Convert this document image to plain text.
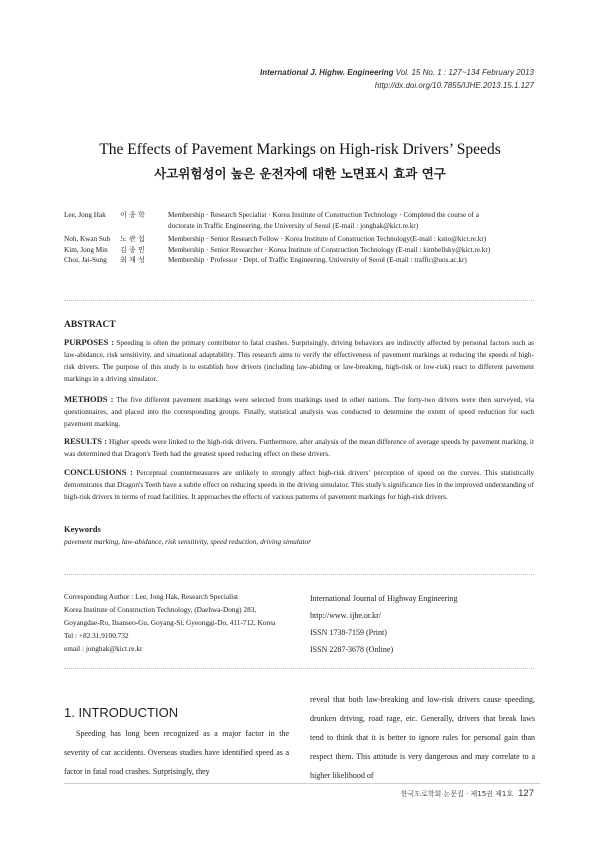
International J. Highw. Engineering Vol. 15 No. 1 : 127~134 February 2013
http://dx.doi.org/10.7855/IJHE.2013.15.1.127
The Effects of Pavement Markings on High-risk Drivers’ Speeds
사고위험성이 높은 운전자에 대한 노면표시 효과 연구
Lee, Jong Hak	이 종 학	Membership · Research Specialist · Korea Institute of Construction Technology · Completed the course of a doctorate in Traffic Engineering, the University of Seoul (E-mail : jonghak@kict.re.kr)
Noh, Kwan Sub	노 관 섭	Membership · Senior Research Fellow · Korea Institute of Construction Technology(E-mail : ksno@kict.re.kr)
Kim, Jong Min	김 종 민	Membership · Senior Researcher · Korea Institute of Construction Technology (E-mail : kimbellsky@kict.re.kr)
Choi, Jai-Sung	최 재 성	Membership · Professor · Dept. of Traffic Engineering, University of Seoul (E-mail : traffic@uos.ac.kr)
ABSTRACT
PURPOSES : Speeding is often the primary contributor to fatal crashes. Surprisingly, driving behaviors are indirectly affected by personal factors such as law-abidance, risk sensitivity, and situational adaptability. This research aims to verify the effectiveness of pavement markings at reducing the speeds of high-risk drivers. The purpose of this study is to establish how drivers (including law-abiding or law-breaking, high-risk or low-risk) react to different pavement markings in a driving simulator.
METHODS : The five different pavement markings were selected from markings used in other nations. The forty-two drivers were then surveyed, via questionnaires, and placed into the corresponding groups. Finally, statistical analysis was conducted to determine the extent of speed reduction for each pavement marking.
RESULTS : Higher speeds were linked to the high-risk drivers. Furthermore, after analysis of the mean difference of average speeds by pavement marking, it was determined that Dragon's Teeth had the greatest speed reducing effect on these drivers.
CONCLUSIONS : Perceptual countermeasures are unlikely to strongly affect high-risk drivers’ perception of speed on the curves. This statistically demonstrates that Dragon's Teeth have a subtle effect on reducing speeds in the driving simulator. This study's significance lies in the improved understanding of high-risk drivers in terms of road facilities. It approaches the effects of various patterns of pavement markings for high-risk drivers.
Keywords
pavement marking, law-abidance, risk sensitivity, speed reduction, driving simulator
Corresponding Author : Lee, Jong Hak, Research Specialist
Korea Institute of Construction Technology, (Daehwa-Dong) 283,
Goyangdae-Ro, Ilsanseo-Gu, Goyang-Si, Gyeonggi-Do, 411-712, Korea
Tel : +82.31.9100.732
email : jonghak@kict.re.kr
International Journal of Highway Engineering
http://www. ijhe.or.kr/
ISSN 1738-7159 (Print)
ISSN 2287-3678 (Online)
1. INTRODUCTION
Speeding has long been recognized as a major factor in the severity of car accidents. Overseas studies have identified speed as a factor in fatal road crashes. Surprisingly, they
reveal that both law-breaking and low-risk drivers cause speeding, drunken driving, road rage, etc. Generally, drivers that break laws tend to think that it is better to ignore rules for personal gain than respect them. This attitude is very dangerous and may correlate to a higher likelihood of
한국도로학회 논문집 · 제15권 제1호 127
